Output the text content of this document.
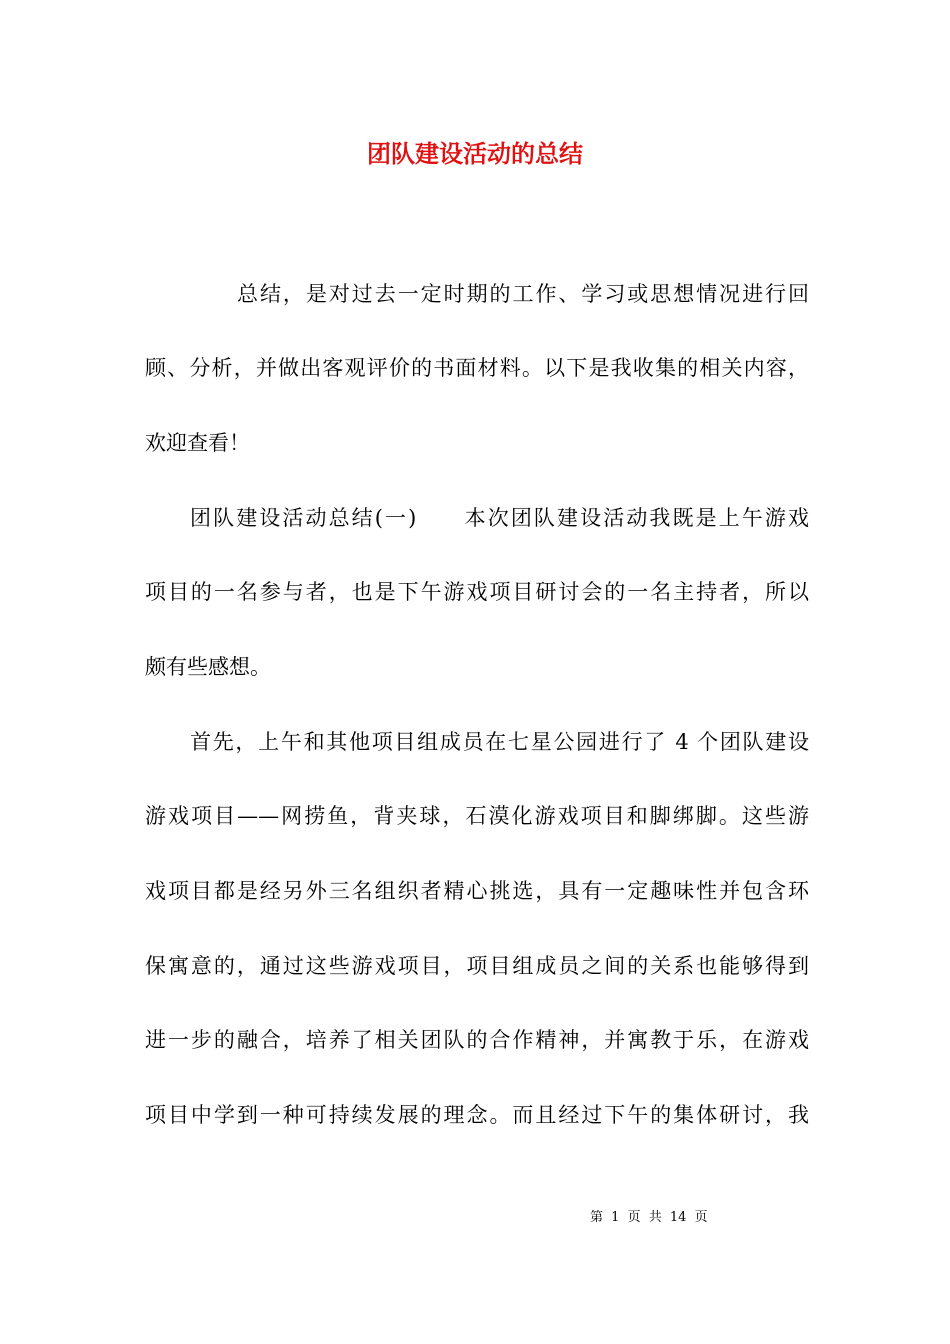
团队建设活动的总结

总结，是对过去一定时期的工作、学习或思想情况进行回

顾、分析，并做出客观评价的书面材料。以下是我收集的相关内容，

欢迎查看！

团队建设活动总结(一)　　本次团队建设活动我既是上午游戏

项目的一名参与者，也是下午游戏项目研讨会的一名主持者，所以

颇有些感想。

首先，上午和其他项目组成员在七星公园进行了 4 个团队建设

游戏项目——网捞鱼，背夹球，石漠化游戏项目和脚绑脚。这些游

戏项目都是经另外三名组织者精心挑选，具有一定趣味性并包含环

保寓意的，通过这些游戏项目，项目组成员之间的关系也能够得到

进一步的融合，培养了相关团队的合作精神，并寓教于乐，在游戏

项目中学到一种可持续发展的理念。而且经过下午的集体研讨，我

第 1 页 共 14 页
